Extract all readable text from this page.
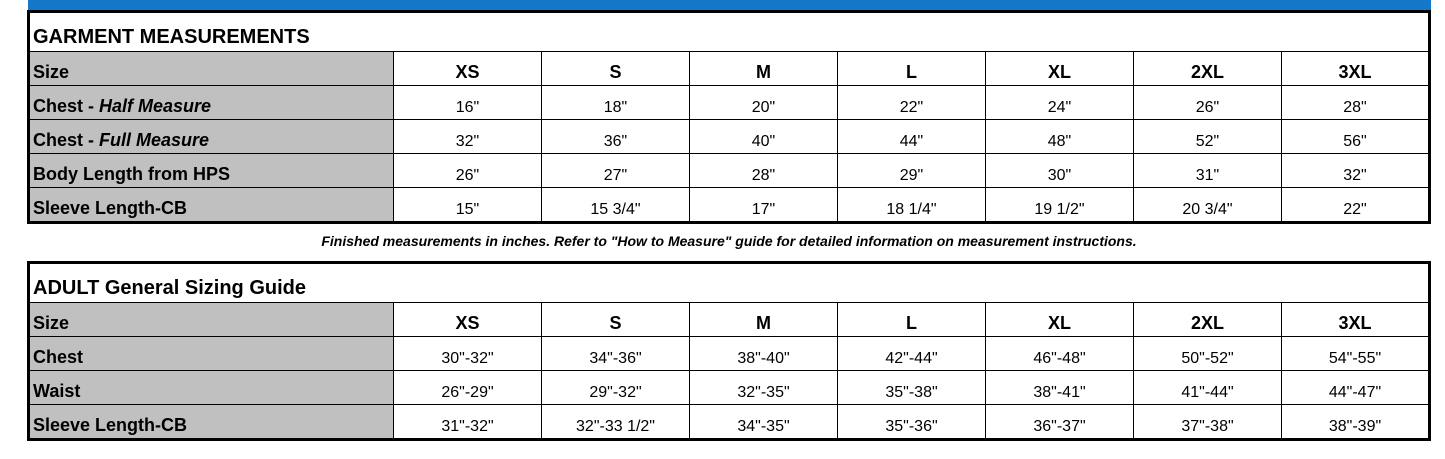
GARMENT MEASUREMENTS							
Size	XS	S	M	L	XL	2XL	3XL
Chest - Half Measure	16"	18"	20"	22"	24"	26"	28"
Chest - Full Measure	32"	36"	40"	44"	48"	52"	56"
Body Length from HPS	26"	27"	28"	29"	30"	31"	32"
Sleeve Length-CB	15"	15 3/4"	17"	18 1/4"	19 1/2"	20 3/4"	22"
Finished measurements in inches. Refer to "How to Measure" guide for detailed information on measurement instructions.
ADULT General Sizing Guide							
Size	XS	S	M	L	XL	2XL	3XL
Chest	30"-32"	34"-36"	38"-40"	42"-44"	46"-48"	50"-52"	54"-55"
Waist	26"-29"	29"-32"	32"-35"	35"-38"	38"-41"	41"-44"	44"-47"
Sleeve Length-CB	31"-32"	32"-33 1/2"	34"-35"	35"-36"	36"-37"	37"-38"	38"-39"
